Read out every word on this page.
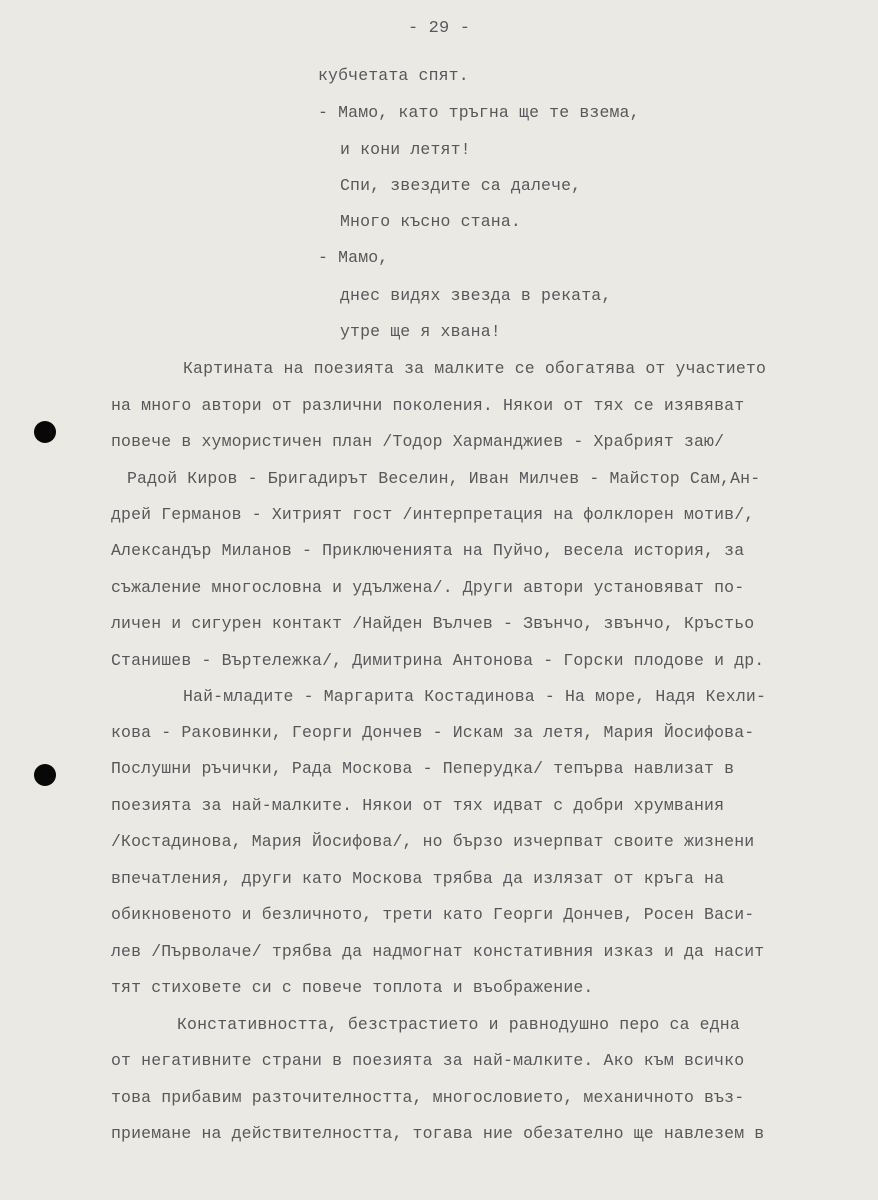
- 29 -
кубчетата спят.
- Мамо, като тръгна ще те взема,
и кони летят!
Спи, звездите са далече,
Много късно стана.
- Мамо,
днес видях звезда в реката,
утре ще я хвана!
Картината на поезията за малките се обогатява от участието
на много автори от различни поколения. Някои от тях се изявяват
повече в хумористичен план /Тодор Харманджиев - Храбрият заю/
Радой Киров - Бригадирът Веселин, Иван Милчев - Майстор Сам,Ан-
дрей Германов - Хитрият гост /интерпретация на фолклорен мотив/,
Александър Миланов - Приключенията на Пуйчо, весела история, за
съжаление многословна и удължена/. Други автори установяват по-
личен и сигурен контакт /Найден Вълчев - Звънчо, звънчо, Кръстьо
Станишев - Въртележка/, Димитрина Антонова - Горски плодове и др.
Най-младите - Маргарита Костадинова - На море, Надя Кехли-
кова - Раковинки, Георги Дончев - Искам за летя, Мария Йосифова-
Послушни ръчички, Рада Москова - Пеперудка/ тепърва навлизат в
поезията за най-малките. Някои от тях идват с добри хрумвания
/Костадинова, Мария Йосифова/, но бързо изчерпват своите жизнени
впечатления, други като Москова трябва да излязат от кръга на
обикновеното и безличното, трети като Георги Дончев, Росен Васи-
лев /Първолаче/ трябва да надмогнат констативния изказ и да насит
тят стиховете си с повече топлота и въображение.
Констативността, безстрастието и равнодушно перо са една
от негативните страни в поезията за най-малките. Ако към всичко
това прибавим разточителността, многословието, механичното въз-
приемане на действителността, тогава ние обезателно ще навлезем в
